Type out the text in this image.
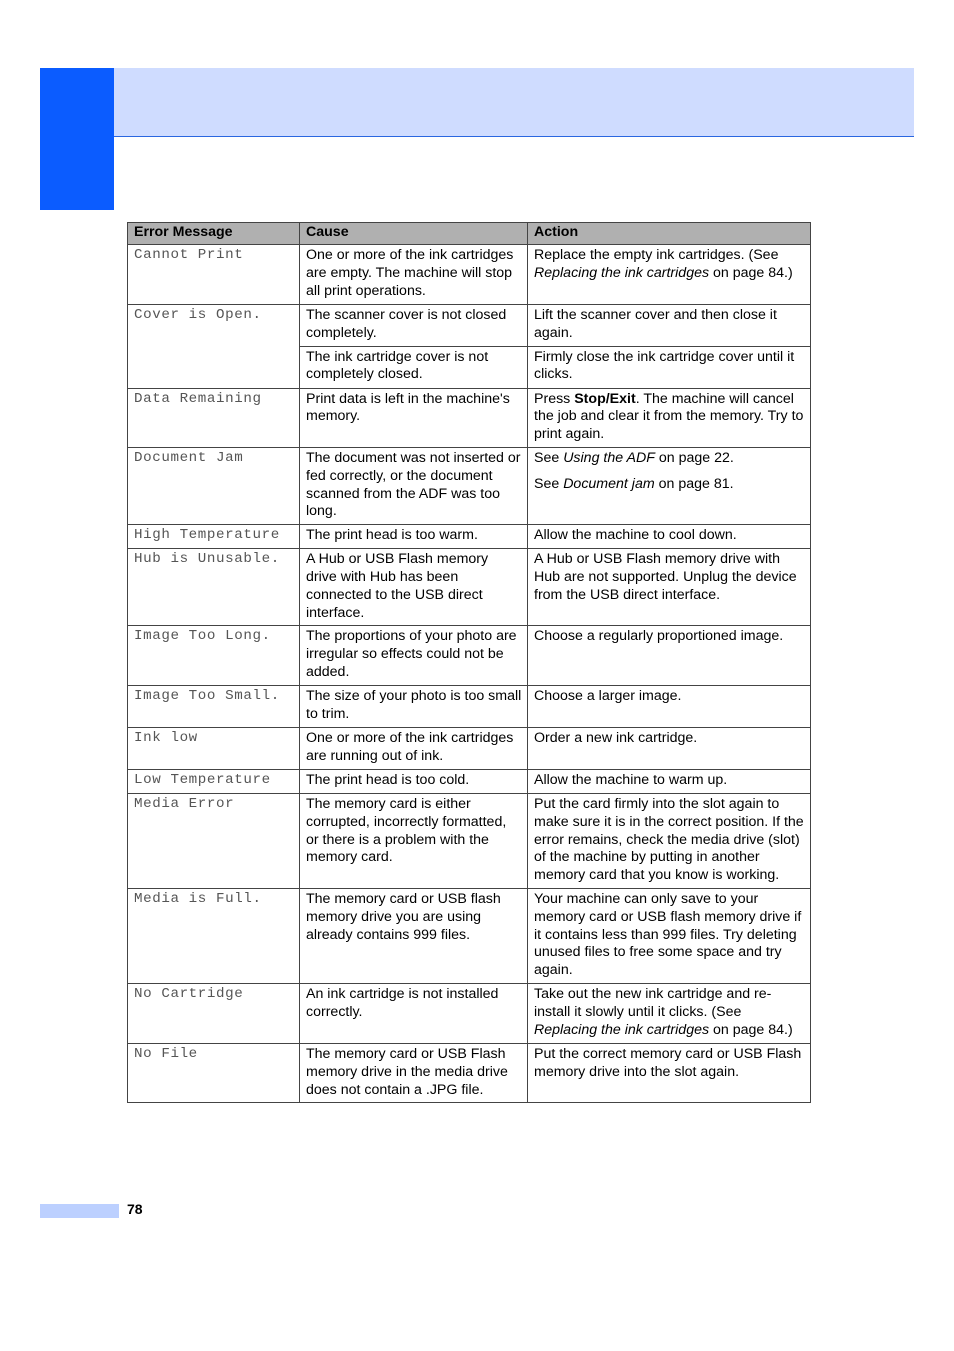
Error Message	Cause	Action
Cannot Print	One or more of the ink cartridges are empty. The machine will stop all print operations.	Replace the empty ink cartridges. (See Replacing the ink cartridges on page 84.)
Cover is Open.	The scanner cover is not closed completely.	Lift the scanner cover and then close it again.
	The ink cartridge cover is not completely closed.	Firmly close the ink cartridge cover until it clicks.
Data Remaining	Print data is left in the machine's memory.	Press Stop/Exit. The machine will cancel the job and clear it from the memory. Try to print again.
Document Jam	The document was not inserted or fed correctly, or the document scanned from the ADF was too long.	See Using the ADF on page 22.
See Document jam on page 81.
High Temperature	The print head is too warm.	Allow the machine to cool down.
Hub is Unusable.	A Hub or USB Flash memory drive with Hub has been connected to the USB direct interface.	A Hub or USB Flash memory drive with Hub are not supported. Unplug the device from the USB direct interface.
Image Too Long.	The proportions of your photo are irregular so effects could not be added.	Choose a regularly proportioned image.
Image Too Small.	The size of your photo is too small to trim.	Choose a larger image.
Ink low	One or more of the ink cartridges are running out of ink.	Order a new ink cartridge.
Low Temperature	The print head is too cold.	Allow the machine to warm up.
Media Error	The memory card is either corrupted, incorrectly formatted, or there is a problem with the memory card.	Put the card firmly into the slot again to make sure it is in the correct position. If the error remains, check the media drive (slot) of the machine by putting in another memory card that you know is working.
Media is Full.	The memory card or USB flash memory drive you are using already contains 999 files.	Your machine can only save to your memory card or USB flash memory drive if it contains less than 999 files. Try deleting unused files to free some space and try again.
No Cartridge	An ink cartridge is not installed correctly.	Take out the new ink cartridge and re-install it slowly until it clicks. (See Replacing the ink cartridges on page 84.)
No File	The memory card or USB Flash memory drive in the media drive does not contain a .JPG file.	Put the correct memory card or USB Flash memory drive into the slot again.
78
